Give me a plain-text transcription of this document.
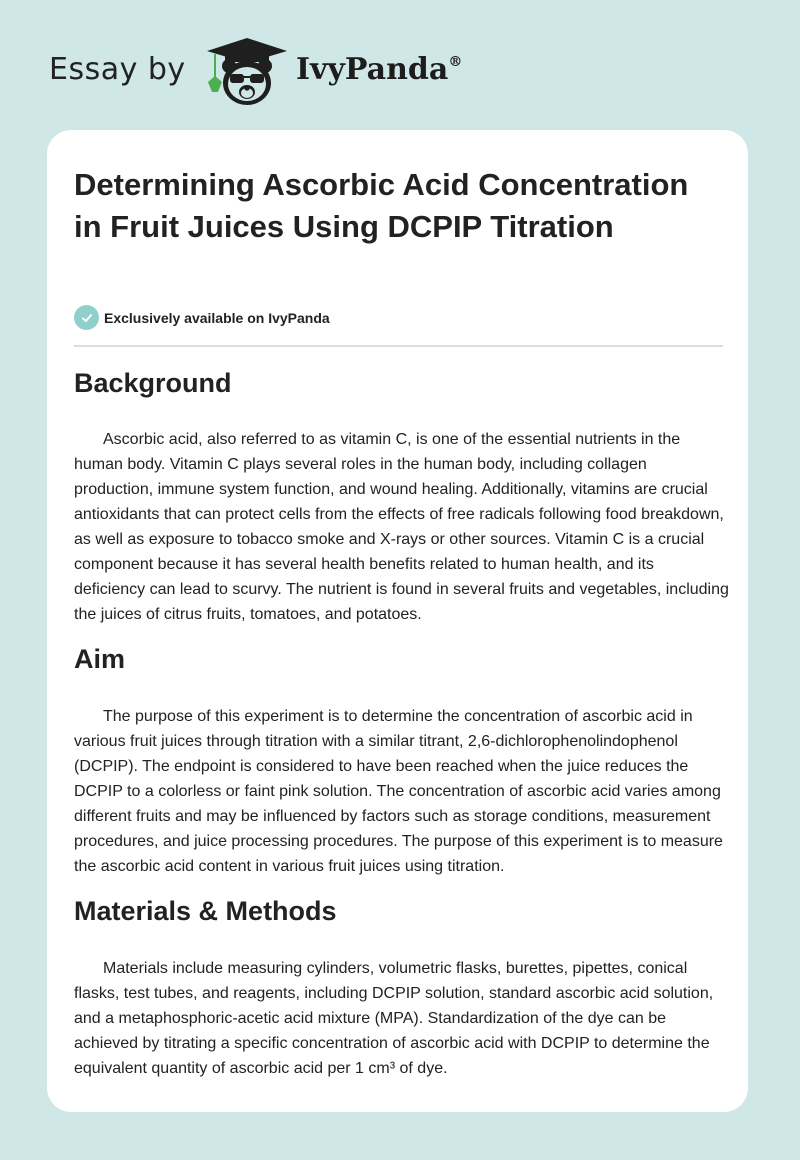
Essay by	IvyPanda®
Determining Ascorbic Acid Concentration in Fruit Juices Using DCPIP Titration
Exclusively available on IvyPanda
Background

Ascorbic acid, also referred to as vitamin C, is one of the essential nutrients in the human body. Vitamin C plays several roles in the human body, including collagen production, immune system function, and wound healing. Additionally, vitamins are crucial antioxidants that can protect cells from the effects of free radicals following food breakdown, as well as exposure to tobacco smoke and X-rays or other sources. Vitamin C is a crucial component because it has several health benefits related to human health, and its deficiency can lead to scurvy. The nutrient is found in several fruits and vegetables, including the juices of citrus fruits, tomatoes, and potatoes.

Aim

The purpose of this experiment is to determine the concentration of ascorbic acid in various fruit juices through titration with a similar titrant, 2,6-dichlorophenolindophenol (DCPIP). The endpoint is considered to have been reached when the juice reduces the DCPIP to a colorless or faint pink solution. The concentration of ascorbic acid varies among different fruits and may be influenced by factors such as storage conditions, measurement procedures, and juice processing procedures. The purpose of this experiment is to measure the ascorbic acid content in various fruit juices using titration.

Materials & Methods

Materials include measuring cylinders, volumetric flasks, burettes, pipettes, conical flasks, test tubes, and reagents, including DCPIP solution, standard ascorbic acid solution, and a metaphosphoric-acetic acid mixture (MPA). Standardization of the dye can be achieved by titrating a specific concentration of ascorbic acid with DCPIP to determine the equivalent quantity of ascorbic acid per 1 cm³ of dye.
